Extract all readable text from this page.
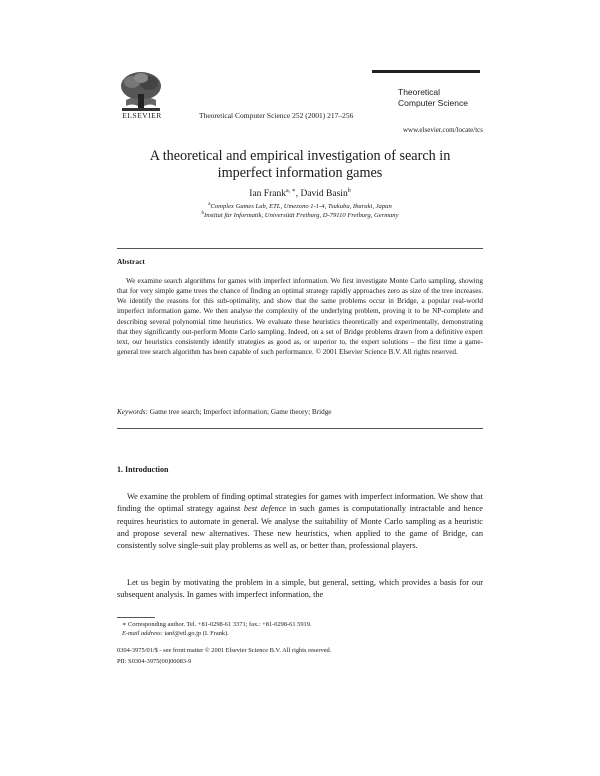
ELSEVIER	Theoretical Computer Science 252 (2001) 217–256
Theoretical
Computer Science
www.elsevier.com/locate/tcs
A theoretical and empirical investigation of search in
imperfect information games
Ian Frank$^{a, ∗}$, David Basin$^b$
$^a$Complex Games Lab, ETL, Umezono 1-1-4, Tsukuba, Ibaraki, Japan
$^b$Institut für Informatik, Universität Freiburg, D-79110 Freiburg, Germany
Abstract
We examine search algorithms for games with imperfect information. We first investigate Monte Carlo sampling, showing that for very simple game trees the chance of finding an optimal strategy rapidly approaches zero as size of the tree increases. We identify the reasons for this sub-optimality, and show that the same problems occur in Bridge, a popular real-world imperfect information game. We then analyse the complexity of the underlying problem, proving it to be NP-complete and describing several polynomial time heuristics. We evaluate these heuristics theoretically and experimentally, demonstrating that they significantly out-perform Monte Carlo sampling. Indeed, on a set of Bridge problems drawn from a definitive expert text, our heuristics consistently identify strategies as good as, or superior to, the expert solutions – the first time a game-general tree search algorithm has been capable of such performance. © 2001 Elsevier Science B.V. All rights reserved.
Keywords: Game tree search; Imperfect information; Game theory; Bridge
1. Introduction
We examine the problem of finding optimal strategies for games with imperfect information. We show that finding the optimal strategy against best defence in such games is computationally intractable and hence requires heuristics to automate in general. We analyse the suitability of Monte Carlo sampling as a heuristic and propose several new alternatives. These new heuristics, when applied to the game of Bridge, can consistently solve single-suit play problems as well as, or better than, professional players.
Let us begin by motivating the problem in a simple, but general, setting, which provides a basis for our subsequent analysis. In games with imperfect information, the
∗ Corresponding author. Tel. +81-0298-61 3371; fax.: +81-0298-61 5919.
E-mail address: ianf@etl.go.jp (I. Frank).
0304-3975/01/$ - see front matter © 2001 Elsevier Science B.V. All rights reserved.
PII: S0304-3975(00)00083-9
